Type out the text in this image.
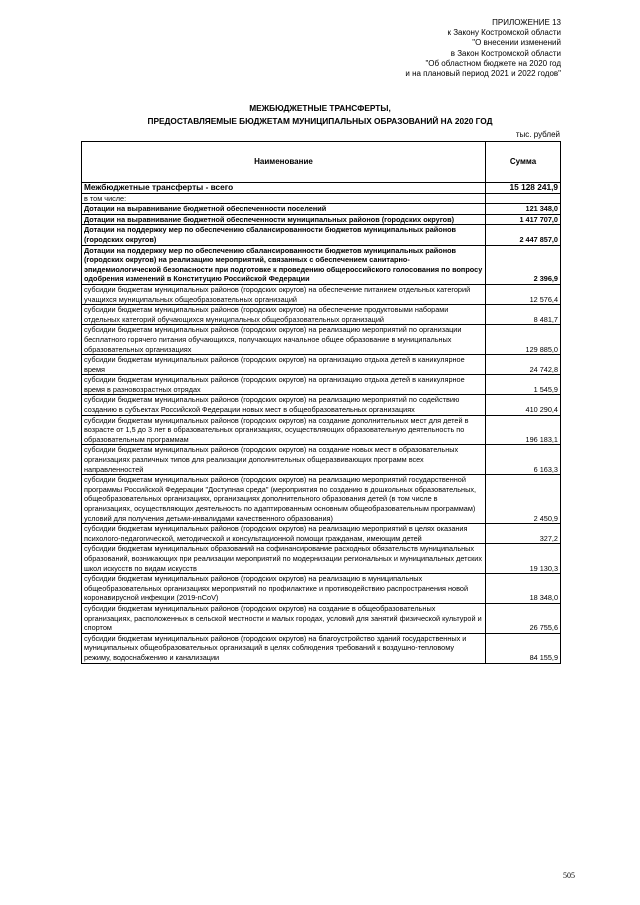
ПРИЛОЖЕНИЕ 13
к Закону Костромской области
"О внесении изменений
в Закон Костромской области
"Об областном бюджете на 2020 год
и на плановый период 2021 и 2022 годов"
МЕЖБЮДЖЕТНЫЕ ТРАНСФЕРТЫ,
ПРЕДОСТАВЛЯЕМЫЕ БЮДЖЕТАМ МУНИЦИПАЛЬНЫХ ОБРАЗОВАНИЙ НА 2020 ГОД
тыс. рублей
Наименование	Сумма
Межбюджетные трансферты - всего	15 128 241,9
в том числе:	
Дотации на выравнивание бюджетной обеспеченности поселений	121 348,0
Дотации на выравнивание бюджетной обеспеченности муниципальных районов (городских округов)	1 417 707,0
Дотации на поддержку мер по обеспечению сбалансированности бюджетов муниципальных районов (городских округов)	2 447 857,0
Дотации на поддержку мер по обеспечению сбалансированности бюджетов муниципальных районов (городских округов) на реализацию мероприятий, связанных с обеспечением санитарно-эпидемиологической безопасности при подготовке к проведению общероссийского голосования по вопросу одобрения изменений в Конституцию Российской Федерации	2 396,9
субсидии бюджетам муниципальных районов (городских округов) на обеспечение питанием отдельных категорий учащихся муниципальных общеобразовательных организаций	12 576,4
субсидии бюджетам муниципальных районов (городских округов) на обеспечение продуктовыми наборами отдельных категорий обучающихся муниципальных общеобразовательных организаций	8 481,7
субсидии бюджетам муниципальных районов (городских округов) на реализацию мероприятий по организации бесплатного горячего питания обучающихся, получающих начальное общее образование в муниципальных образовательных организациях	129 885,0
субсидии бюджетам муниципальных районов (городских округов) на организацию отдыха детей в каникулярное время	24 742,8
субсидии бюджетам муниципальных районов (городских округов) на организацию отдыха детей в каникулярное время в разновозрастных отрядах	1 545,9
субсидии бюджетам муниципальных районов (городских округов) на реализацию мероприятий по содействию созданию в субъектах Российской Федерации новых мест в общеобразовательных организациях	410 290,4
субсидии бюджетам муниципальных районов (городских округов) на создание дополнительных мест для детей в возрасте от 1,5 до 3 лет в образовательных организациях, осуществляющих образовательную деятельность по образовательным программам	196 183,1
субсидии бюджетам муниципальных районов (городских округов) на создание новых мест в образовательных организациях различных типов для реализации дополнительных общеразвивающих программ всех направленностей	6 163,3
субсидии бюджетам муниципальных районов (городских округов) на реализацию мероприятий государственной программы Российской Федерации "Доступная среда" (мероприятия по созданию в дошкольных образовательных, общеобразовательных организациях, организациях дополнительного образования детей (в том числе в организациях, осуществляющих деятельность по адаптированным основным общеобразовательным программам) условий для получения детьми-инвалидами качественного образования)	2 450,9
субсидии бюджетам муниципальных районов (городских округов) на реализацию мероприятий в целях оказания психолого-педагогической, методической и консультационной помощи гражданам, имеющим детей	327,2
субсидии бюджетам муниципальных образований на софинансирование расходных обязательств муниципальных образований, возникающих при реализации мероприятий по модернизации региональных и муниципальных детских школ искусств по видам искусств	19 130,3
субсидии бюджетам муниципальных районов (городских округов) на реализацию в муниципальных общеобразовательных организациях мероприятий по профилактике и противодействию распространения новой коронавирусной инфекции (2019-nCoV)	18 348,0
субсидии бюджетам муниципальных районов (городских округов) на создание в общеобразовательных организациях, расположенных в сельской местности и малых городах, условий для занятий физической культурой и спортом	26 755,6
субсидии бюджетам муниципальных районов (городских округов) на благоустройство зданий государственных и муниципальных общеобразовательных организаций в целях соблюдения требований к воздушно-тепловому режиму, водоснабжению и канализации	84 155,9
505
